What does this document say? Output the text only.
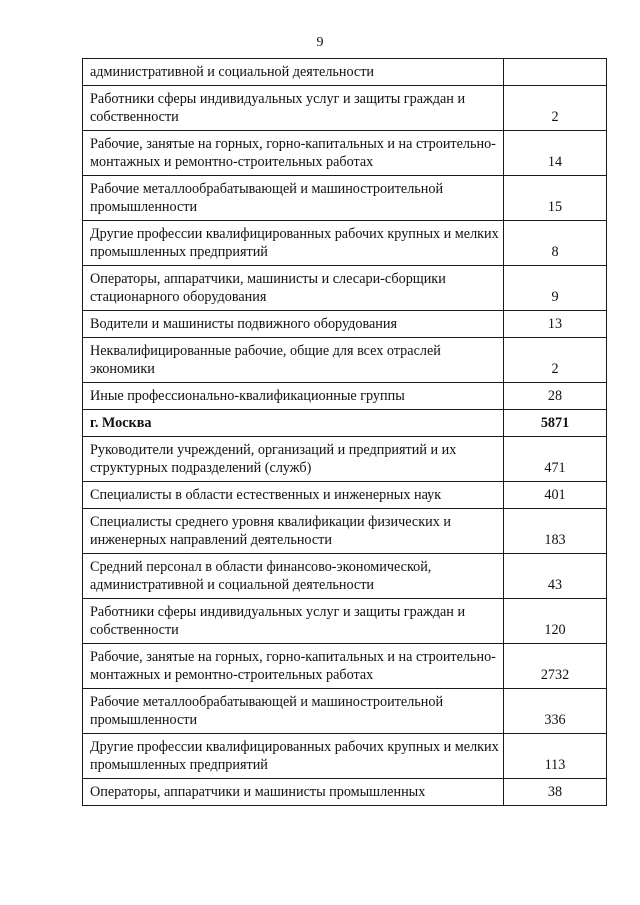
9
административной и социальной деятельности	
Работники сферы индивидуальных услуг и защиты граждан и собственности	2
Рабочие, занятые на горных, горно-капитальных и на строительно-монтажных и ремонтно-строительных работах	14
Рабочие металлообрабатывающей и машиностроительной промышленности	15
Другие профессии квалифицированных рабочих крупных и мелких промышленных предприятий	8
Операторы, аппаратчики, машинисты и слесари-сборщики стационарного оборудования	9
Водители и машинисты подвижного оборудования	13
Неквалифицированные рабочие, общие для всех отраслей экономики	2
Иные профессионально-квалификационные группы	28
г. Москва	5871
Руководители учреждений, организаций и предприятий и их структурных подразделений (служб)	471
Специалисты в области естественных и инженерных наук	401
Специалисты среднего уровня квалификации физических и инженерных направлений деятельности	183
Средний персонал в области финансово-экономической, административной и социальной деятельности	43
Работники сферы индивидуальных услуг и защиты граждан и собственности	120
Рабочие, занятые на горных, горно-капитальных и на строительно-монтажных и ремонтно-строительных работах	2732
Рабочие металлообрабатывающей и машиностроительной промышленности	336
Другие профессии квалифицированных рабочих крупных и мелких промышленных предприятий	113
Операторы, аппаратчики и машинисты промышленных	38
